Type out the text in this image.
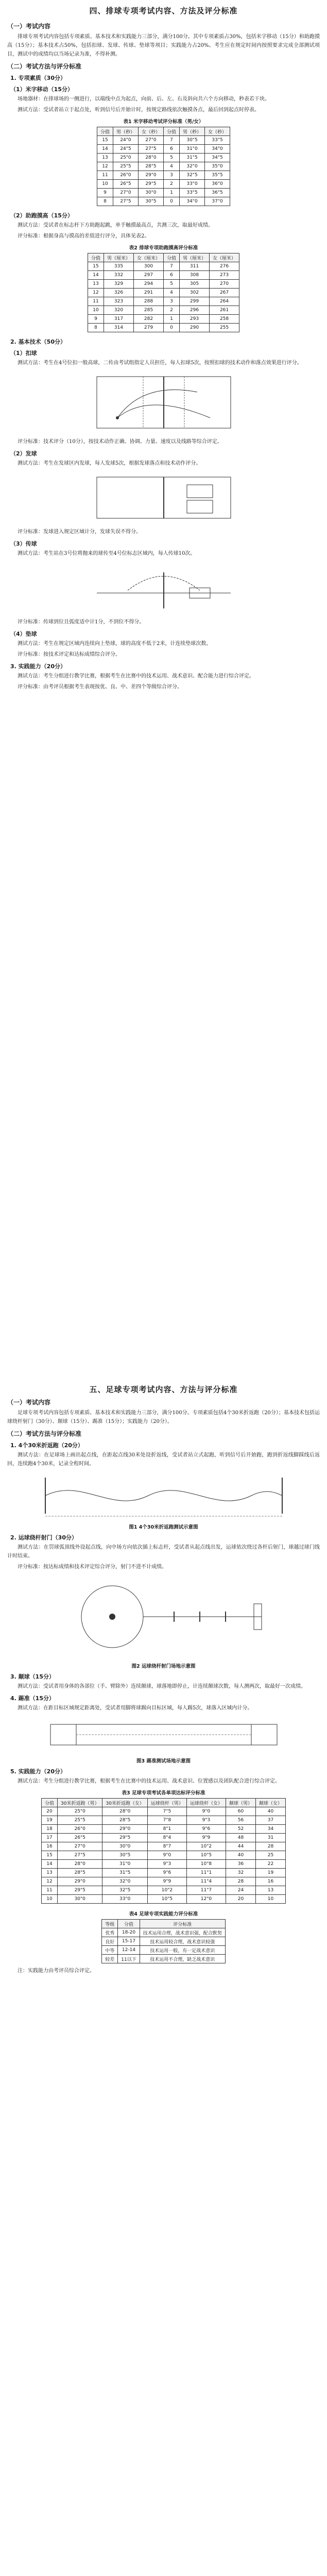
四、排球专项考试内容、方法及评分标准
（一）考试内容

排球专项考试内容包括专项素质、基本技术和实践能力三部分，满分100分。其中专项素质占30%，包括米字移动（15分）和助跑摸高（15分）；基本技术占50%，包括扣球、发球、传球、垫球等项目；实践能力占20%。考生应在规定时间内按照要求完成全部测试项目，测试中的成绩均以当场记录为准，不得补测。

（二）考试方法与评分标准
1. 专项素质（30分）
（1）米字移动（15分）

场地器材：在排球场的一侧进行，以端线中点为起点，向前、后、左、右及斜向共六个方向移动，秒表若干块。

测试方法：受试者站立于起点处，听到信号后开始计时，按规定路线依次触摸各点，最后回到起点时停表。

表1 米字移动考试评分标准（男/女）
分值	男（秒）	女（秒）	分值	男（秒）	女（秒）
15	24"0	27"0	7	30"5	33"5
14	24"5	27"5	6	31"0	34"0
13	25"0	28"0	5	31"5	34"5
12	25"5	28"5	4	32"0	35"0
11	26"0	29"0	3	32"5	35"5
10	26"5	29"5	2	33"0	36"0
9	27"0	30"0	1	33"5	36"5
8	27"5	30"5	0	34"0	37"0
（2）助跑摸高（15分）

测试方法：受试者在标志杆下方助跑起跳，单手触摸最高点，共测三次，取最好成绩。

评分标准：根据身高与摸高的差值进行评分，具体见表2。

表2 排球专项助跑摸高评分标准
分值	男（厘米）	女（厘米）	分值	男（厘米）	女（厘米）
15	335	300	7	311	276
14	332	297	6	308	273
13	329	294	5	305	270
12	326	291	4	302	267
11	323	288	3	299	264
10	320	285	2	296	261
9	317	282	1	293	258
8	314	279	0	290	255
2. 基本技术（50分）
（1）扣球

测试方法：考生在4号位扣一般高球，二传由考试组指定人员担任，每人扣球5次，按照扣球的技术动作和落点效果进行评分。

评分标准：技术评分（10分），按技术动作正确、协调、力量、速度以及线路等综合评定。

（2）发球

测试方法：考生在发球区内发球，每人发球5次，根据发球落点和技术动作评分。

评分标准：发球进入规定区域计分，发球失误不得分。

（3）传球

测试方法：考生站在3号位将抛来的球传至4号位标志区域内，每人传球10次。

评分标准：传球到位且弧度适中计1分，不到位不得分。

（4）垫球

测试方法：考生在规定区域内连续向上垫球，球的高度不低于2米，计连续垫球次数。

评分标准：按技术评定和达标成绩综合评分。

3. 实践能力（20分）

测试方法：考生分组进行教学比赛，根据考生在比赛中的技术运用、战术意识、配合能力进行综合评定。

评分标准：由考评员根据考生表现按优、良、中、差四个等级综合评分。

五、足球专项考试内容、方法与评分标准
（一）考试内容

足球专项考试内容包括专项素质、基本技术和实践能力三部分，满分100分。专项素质包括4个30米折返跑（20分）；基本技术包括运球绕杆射门（30分）、颠球（15分）、踢准（15分）；实践能力（20分）。

（二）考试方法与评分标准
1. 4个30米折返跑（20分）

测试方法：在足球场上画出起点线，在距起点线30米处设折返线，受试者站立式起跑，听到信号后开始跑，跑到折返线脚踩线后返回，连续跑4个30米，记录全程时间。

图1 4个30米折返跑测试示意图
2. 运球绕杆射门（30分）

测试方法：在罚球弧顶线外设起点线，向中场方向依次插上标志杆，受试者从起点线出发，运球依次绕过各杆后射门，球越过球门线计时结束。

评分标准：按达标成绩和技术评定综合评分，射门不进不计成绩。

图2 运球绕杆射门场地示意图
3. 颠球（15分）

测试方法：受试者用身体的各部位（手、臂除外）连续颠球，球落地即停止，计连续颠球次数，每人测两次，取最好一次成绩。

4. 踢准（15分）

测试方法：在距目标区域规定距离处，受试者用脚将球踢向目标区域，每人踢5次，球落入区域内计分。

图3 踢准测试场地示意图
5. 实践能力（20分）

测试方法：考生分组进行教学比赛，根据考生在比赛中的技术运用、战术意识、位置感以及团队配合进行综合评定。

表3 足球专项考试各单项达标评分标准
分值	30米折返跑（男）	30米折返跑（女）	运球绕杆（男）	运球绕杆（女）	颠球（男）	颠球（女）
20	25"0	28"0	7"5	9"0	60	40
19	25"5	28"5	7"8	9"3	56	37
18	26"0	29"0	8"1	9"6	52	34
17	26"5	29"5	8"4	9"9	48	31
16	27"0	30"0	8"7	10"2	44	28
15	27"5	30"5	9"0	10"5	40	25
14	28"0	31"0	9"3	10"8	36	22
13	28"5	31"5	9"6	11"1	32	19
12	29"0	32"0	9"9	11"4	28	16
11	29"5	32"5	10"2	11"7	24	13
10	30"0	33"0	10"5	12"0	20	10
表4 足球专项实践能力评分标准
等级	分值	评分标准
优秀	18-20	技术运用合理，战术意识强，配合默契
良好	15-17	技术运用较合理，战术意识较强
中等	12-14	技术运用一般，有一定战术意识
较差	11以下	技术运用不合理，缺乏战术意识
注：实践能力由考评员综合评定。
